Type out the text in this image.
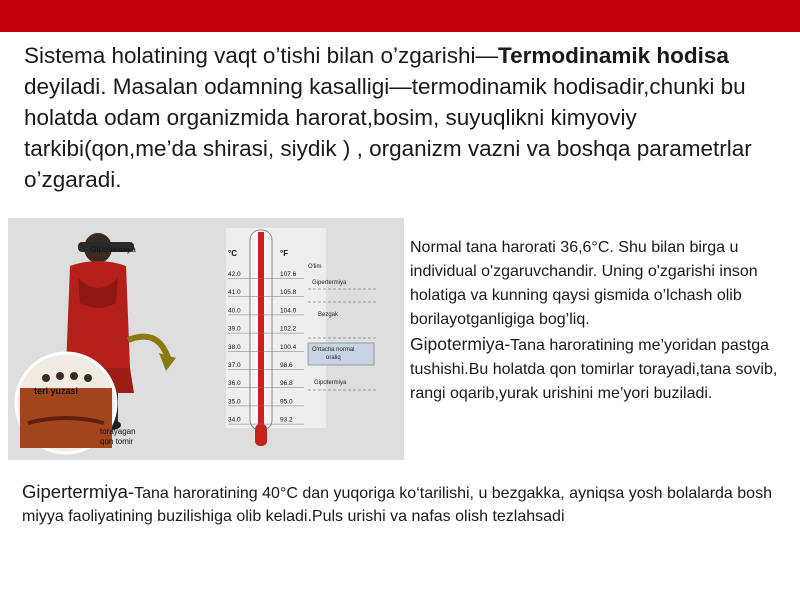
Sistema holatining vaqt o’tishi bilan o’zgarishi—Termodinamik hodisa deyiladi. Masalan odamning kasalligi—termodinamik hodisadir,chunki bu holatda odam organizmida harorat,bosim, suyuqlikni kimyoviy tarkibi(qon,me’da shirasi, siydik ) , organizm vazni va boshqa parametrlar o’zgaradi.
Gipotermiya
teri yuzasi
torayagan
qon tomir
°C	°F
42.0	107.6
41.0	105.8
40.0	104.0
39.0	102.2
38.0	100.4
37.0	98.6
36.0	96.8
35.0	95.0
34.0	93.2
O'lim
Gipertermiya
Bezgak
O'rtacha normal
oraliq
Gipotermiya
Normal tana harorati 36,6°C. Shu bilan birga u individual o'zgaruvchandir. Uning o'zgarishi inson holatiga va kunning qaysi gismida o’lchash olib borilayotganligiga bog’liq.
Gipotermiya-Tana haroratining me’yoridan pastga tushishi.Bu holatda qon tomirlar torayadi,tana sovib, rangi oqarib,yurak urishini me’yori buziladi.
Gipertermiya-Tana haroratining 40°C dan yuqoriga ko‘tarilishi, u bezgakka, ayniqsa yosh bolalarda bosh miyya faoliyatining buzilishiga olib keladi.Puls urishi va nafas olish tezlahsadi
